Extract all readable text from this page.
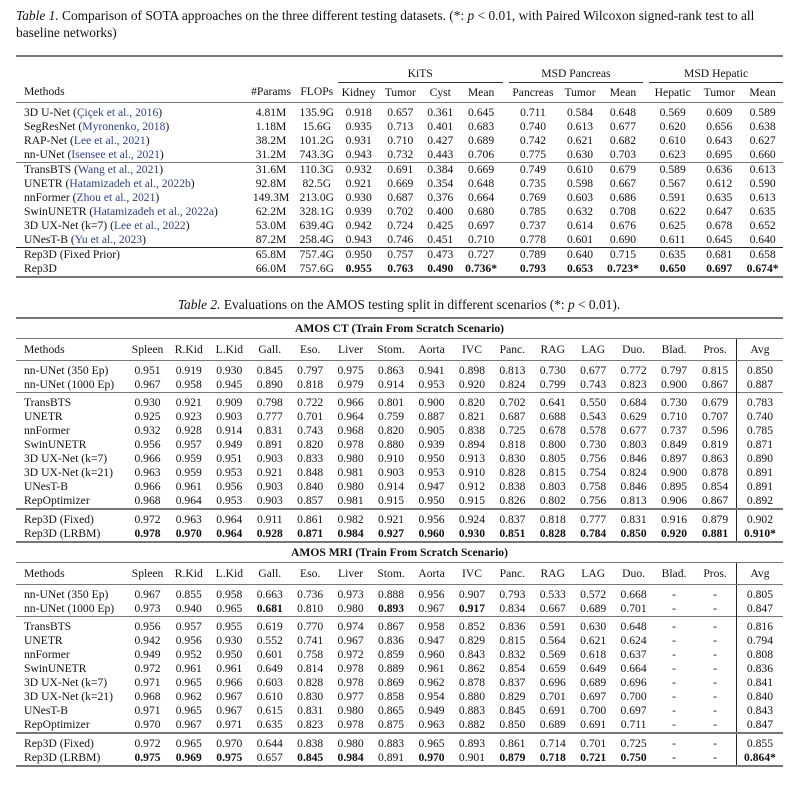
Table 1. Comparison of SOTA approaches on the three different testing datasets. (*: p < 0.01, with Paired Wilcoxon signed-rank test to all baseline networks)

			KiTS					MSD Pancreas				MSD Hepatic		
Methods	#Params	FLOPs	Kidney	Tumor	Cyst	Mean		Pancreas	Tumor	Mean		Hepatic	Tumor	Mean
3D U-Net (Çiçek et al., 2016)	4.81M	135.9G	0.918	0.657	0.361	0.645		0.711	0.584	0.648		0.569	0.609	0.589
SegResNet (Myronenko, 2018)	1.18M	15.6G	0.935	0.713	0.401	0.683		0.740	0.613	0.677		0.620	0.656	0.638
RAP-Net (Lee et al., 2021)	38.2M	101.2G	0.931	0.710	0.427	0.689		0.742	0.621	0.682		0.610	0.643	0.627
nn-UNet (Isensee et al., 2021)	31.2M	743.3G	0.943	0.732	0.443	0.706		0.775	0.630	0.703		0.623	0.695	0.660
TransBTS (Wang et al., 2021)	31.6M	110.3G	0.932	0.691	0.384	0.669		0.749	0.610	0.679		0.589	0.636	0.613
UNETR (Hatamizadeh et al., 2022b)	92.8M	82.5G	0.921	0.669	0.354	0.648		0.735	0.598	0.667		0.567	0.612	0.590
nnFormer (Zhou et al., 2021)	149.3M	213.0G	0.930	0.687	0.376	0.664		0.769	0.603	0.686		0.591	0.635	0.613
SwinUNETR (Hatamizadeh et al., 2022a)	62.2M	328.1G	0.939	0.702	0.400	0.680		0.785	0.632	0.708		0.622	0.647	0.635
3D UX-Net (k=7) (Lee et al., 2022)	53.0M	639.4G	0.942	0.724	0.425	0.697		0.737	0.614	0.676		0.625	0.678	0.652
UNesT-B (Yu et al., 2023)	87.2M	258.4G	0.943	0.746	0.451	0.710		0.778	0.601	0.690		0.611	0.645	0.640
Rep3D (Fixed Prior)	65.8M	757.4G	0.950	0.757	0.473	0.727		0.789	0.640	0.715		0.635	0.681	0.658
Rep3D	66.0M	757.6G	0.955	0.763	0.490	0.736*		0.793	0.653	0.723*		0.650	0.697	0.674*
Table 2. Evaluations on the AMOS testing split in different scenarios (*: p < 0.01).
AMOS CT (Train From Scratch Scenario)																
Methods	Spleen	R.Kid	L.Kid	Gall.	Eso.	Liver	Stom.	Aorta	IVC	Panc.	RAG	LAG	Duo.	Blad.	Pros.	Avg
nn-UNet (350 Ep)	0.951	0.919	0.930	0.845	0.797	0.975	0.863	0.941	0.898	0.813	0.730	0.677	0.772	0.797	0.815	0.850
nn-UNet (1000 Ep)	0.967	0.958	0.945	0.890	0.818	0.979	0.914	0.953	0.920	0.824	0.799	0.743	0.823	0.900	0.867	0.887
TransBTS	0.930	0.921	0.909	0.798	0.722	0.966	0.801	0.900	0.820	0.702	0.641	0.550	0.684	0.730	0.679	0.783
UNETR	0.925	0.923	0.903	0.777	0.701	0.964	0.759	0.887	0.821	0.687	0.688	0.543	0.629	0.710	0.707	0.740
nnFormer	0.932	0.928	0.914	0.831	0.743	0.968	0.820	0.905	0.838	0.725	0.678	0.578	0.677	0.737	0.596	0.785
SwinUNETR	0.956	0.957	0.949	0.891	0.820	0.978	0.880	0.939	0.894	0.818	0.800	0.730	0.803	0.849	0.819	0.871
3D UX-Net (k=7)	0.966	0.959	0.951	0.903	0.833	0.980	0.910	0.950	0.913	0.830	0.805	0.756	0.846	0.897	0.863	0.890
3D UX-Net (k=21)	0.963	0.959	0.953	0.921	0.848	0.981	0.903	0.953	0.910	0.828	0.815	0.754	0.824	0.900	0.878	0.891
UNesT-B	0.966	0.961	0.956	0.903	0.840	0.980	0.914	0.947	0.912	0.838	0.803	0.758	0.846	0.895	0.854	0.891
RepOptimizer	0.968	0.964	0.953	0.903	0.857	0.981	0.915	0.950	0.915	0.826	0.802	0.756	0.813	0.906	0.867	0.892
Rep3D (Fixed)	0.972	0.963	0.964	0.911	0.861	0.982	0.921	0.956	0.924	0.837	0.818	0.777	0.831	0.916	0.879	0.902
Rep3D (LRBM)	0.978	0.970	0.964	0.928	0.871	0.984	0.927	0.960	0.930	0.851	0.828	0.784	0.850	0.920	0.881	0.910*
AMOS MRI (Train From Scratch Scenario)																
Methods	Spleen	R.Kid	L.Kid	Gall.	Eso.	Liver	Stom.	Aorta	IVC	Panc.	RAG	LAG	Duo.	Blad.	Pros.	Avg
nn-UNet (350 Ep)	0.967	0.855	0.958	0.663	0.736	0.973	0.888	0.956	0.907	0.793	0.533	0.572	0.668	-	-	0.805
nn-UNet (1000 Ep)	0.973	0.940	0.965	0.681	0.810	0.980	0.893	0.967	0.917	0.834	0.667	0.689	0.701	-	-	0.847
TransBTS	0.956	0.957	0.955	0.619	0.770	0.974	0.867	0.958	0.852	0.836	0.591	0.630	0.648	-	-	0.816
UNETR	0.942	0.956	0.930	0.552	0.741	0.967	0.836	0.947	0.829	0.815	0.564	0.621	0.624	-	-	0.794
nnFormer	0.949	0.952	0.950	0.601	0.758	0.972	0.859	0.960	0.843	0.832	0.569	0.618	0.637	-	-	0.808
SwinUNETR	0.972	0.961	0.961	0.649	0.814	0.978	0.889	0.961	0.862	0.854	0.659	0.649	0.664	-	-	0.836
3D UX-Net (k=7)	0.971	0.965	0.966	0.603	0.828	0.978	0.869	0.962	0.878	0.837	0.696	0.689	0.696	-	-	0.841
3D UX-Net (k=21)	0.968	0.962	0.967	0.610	0.830	0.977	0.858	0.954	0.880	0.829	0.701	0.697	0.700	-	-	0.840
UNesT-B	0.971	0.965	0.967	0.615	0.831	0.980	0.865	0.949	0.883	0.845	0.691	0.700	0.697	-	-	0.843
RepOptimizer	0.970	0.967	0.971	0.635	0.823	0.978	0.875	0.963	0.882	0.850	0.689	0.691	0.711	-	-	0.847
Rep3D (Fixed)	0.972	0.965	0.970	0.644	0.838	0.980	0.883	0.965	0.893	0.861	0.714	0.701	0.725	-	-	0.855
Rep3D (LRBM)	0.975	0.969	0.975	0.657	0.845	0.984	0.891	0.970	0.901	0.879	0.718	0.721	0.750	-	-	0.864*
